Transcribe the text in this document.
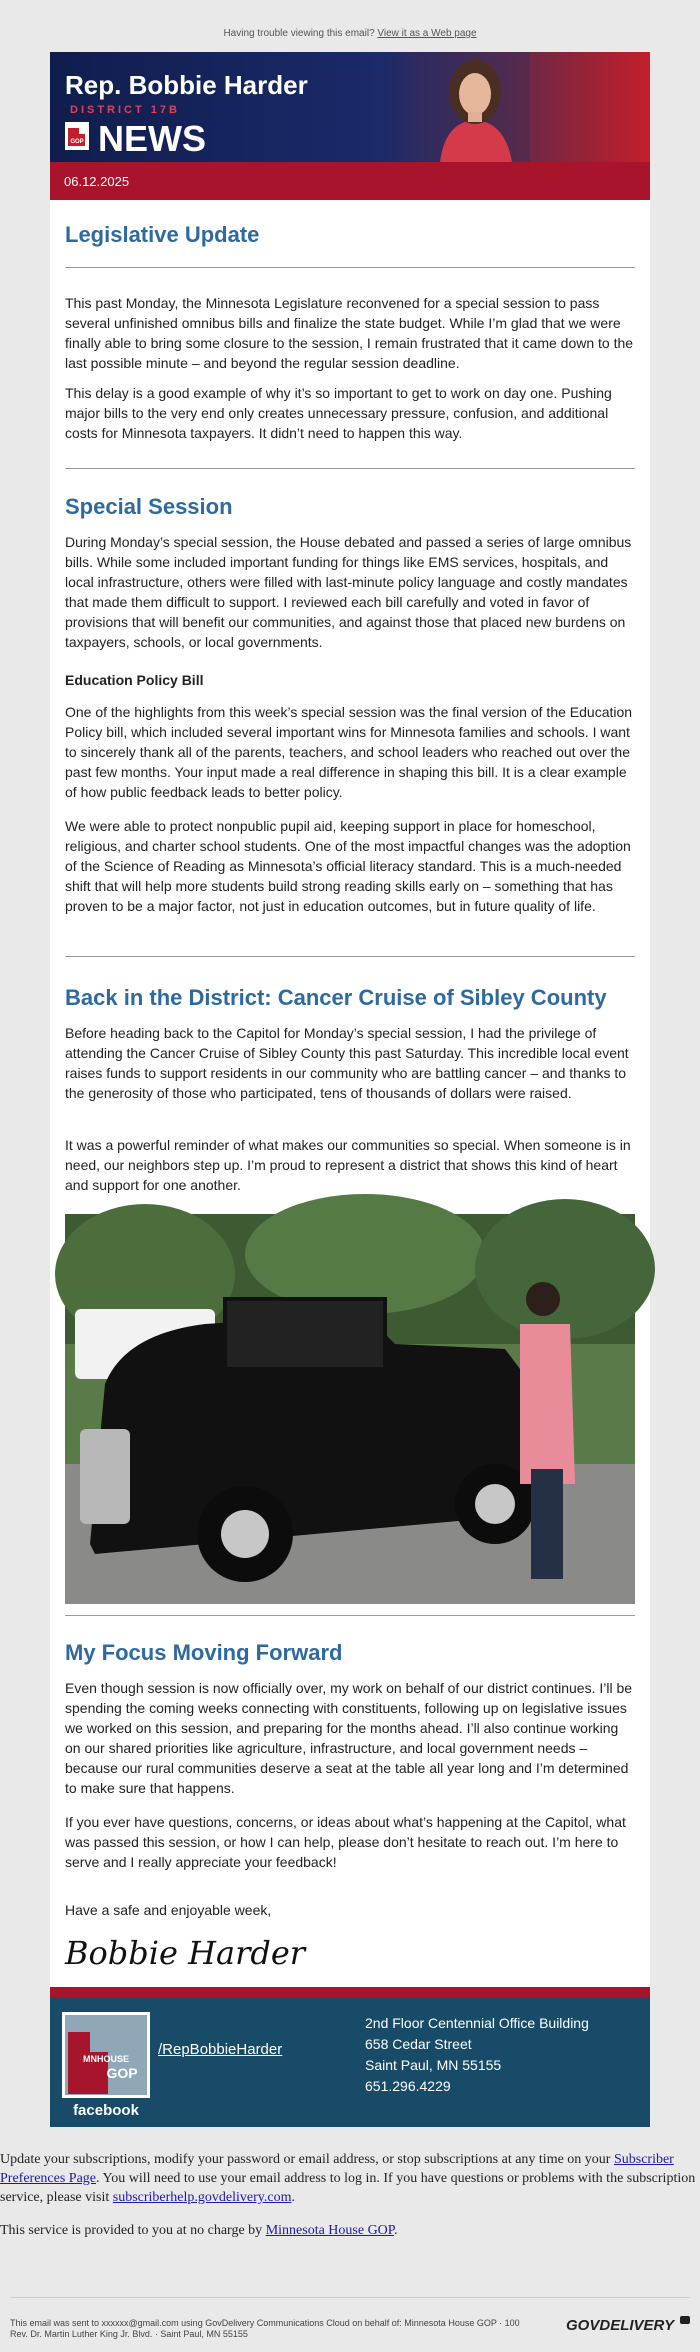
Having trouble viewing this email? View it as a Web page
Rep. Bobbie Harder
DISTRICT 17B
GOP NEWS
06.12.2025
Legislative Update
This past Monday, the Minnesota Legislature reconvened for a special session to pass several unfinished omnibus bills and finalize the state budget. While I’m glad that we were finally able to bring some closure to the session, I remain frustrated that it came down to the last possible minute – and beyond the regular session deadline.
This delay is a good example of why it’s so important to get to work on day one. Pushing major bills to the very end only creates unnecessary pressure, confusion, and additional costs for Minnesota taxpayers. It didn’t need to happen this way.
Special Session
During Monday’s special session, the House debated and passed a series of large omnibus bills. While some included important funding for things like EMS services, hospitals, and local infrastructure, others were filled with last-minute policy language and costly mandates that made them difficult to support. I reviewed each bill carefully and voted in favor of provisions that will benefit our communities, and against those that placed new burdens on taxpayers, schools, or local governments.
Education Policy Bill
One of the highlights from this week’s special session was the final version of the Education Policy bill, which included several important wins for Minnesota families and schools. I want to sincerely thank all of the parents, teachers, and school leaders who reached out over the past few months. Your input made a real difference in shaping this bill. It is a clear example of how public feedback leads to better policy.
We were able to protect nonpublic pupil aid, keeping support in place for homeschool, religious, and charter school students. One of the most impactful changes was the adoption of the Science of Reading as Minnesota’s official literacy standard. This is a much-needed shift that will help more students build strong reading skills early on – something that has proven to be a major factor, not just in education outcomes, but in future quality of life.
Back in the District: Cancer Cruise of Sibley County
Before heading back to the Capitol for Monday’s special session, I had the privilege of attending the Cancer Cruise of Sibley County this past Saturday. This incredible local event raises funds to support residents in our community who are battling cancer – and thanks to the generosity of those who participated, tens of thousands of dollars were raised.
It was a powerful reminder of what makes our communities so special. When someone is in need, our neighbors step up. I’m proud to represent a district that shows this kind of heart and support for one another.
My Focus Moving Forward
Even though session is now officially over, my work on behalf of our district continues. I’ll be spending the coming weeks connecting with constituents, following up on legislative issues we worked on this session, and preparing for the months ahead. I’ll also continue working on our shared priorities like agriculture, infrastructure, and local government needs – because our rural communities deserve a seat at the table all year long and I’m determined to make sure that happens.
If you ever have questions, concerns, or ideas about what’s happening at the Capitol, what was passed this session, or how I can help, please don’t hesitate to reach out. I’m here to serve and I really appreciate your feedback!
Have a safe and enjoyable week,
Bobbie Harder
MNHOUSE
GOP
facebook
/RepBobbieHarder
2nd Floor Centennial Office Building
658 Cedar Street
Saint Paul, MN 55155
651.296.4229
Update your subscriptions, modify your password or email address, or stop subscriptions at any time on your Subscriber Preferences Page. You will need to use your email address to log in. If you have questions or problems with the subscription service, please visit subscriberhelp.govdelivery.com.
This service is provided to you at no charge by Minnesota House GOP.
This email was sent to xxxxxx@gmail.com using GovDelivery Communications Cloud on behalf of: Minnesota House GOP · 100
Rev. Dr. Martin Luther King Jr. Blvd. · Saint Paul, MN 55155	GOVDELIVERY
